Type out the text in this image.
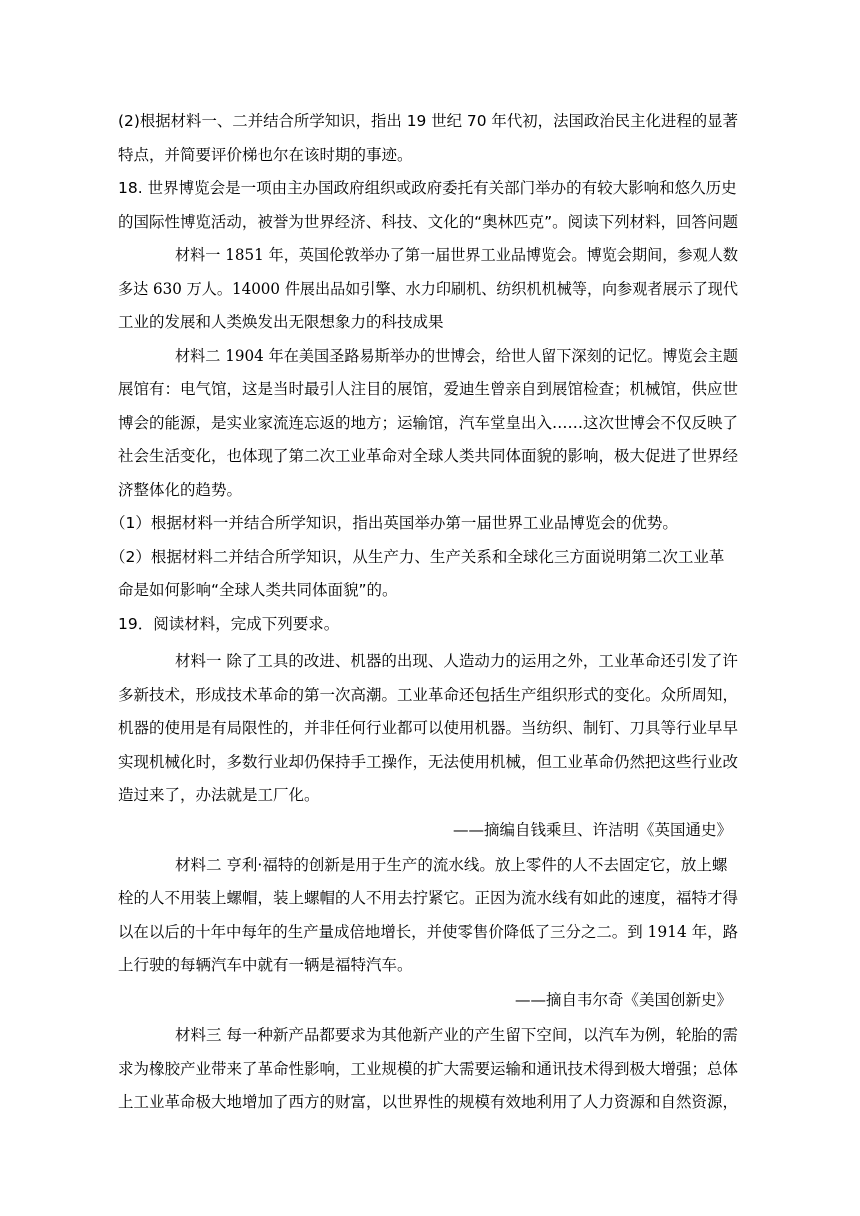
(2)根据材料一、二并结合所学知识，指出 19 世纪 70 年代初，法国政治民主化进程的显著
特点，并简要评价梯也尔在该时期的事迹。
18. 世界博览会是一项由主办国政府组织或政府委托有关部门举办的有较大影响和悠久历史
的国际性博览活动，被誉为世界经济、科技、文化的“奥林匹克”。阅读下列材料，回答问题
材料一 1851 年，英国伦敦举办了第一届世界工业品博览会。博览会期间，参观人数
多达 630 万人。14000 件展出品如引擎、水力印刷机、纺织机机械等，向参观者展示了现代
工业的发展和人类焕发出无限想象力的科技成果
材料二 1904 年在美国圣路易斯举办的世博会，给世人留下深刻的记忆。博览会主题
展馆有：电气馆，这是当时最引人注目的展馆，爱迪生曾亲自到展馆检查；机械馆，供应世
博会的能源，是实业家流连忘返的地方；运输馆，汽车堂皇出入……这次世博会不仅反映了
社会生活变化，也体现了第二次工业革命对全球人类共同体面貌的影响，极大促进了世界经
济整体化的趋势。
（1）根据材料一并结合所学知识，指出英国举办第一届世界工业品博览会的优势。
（2）根据材料二并结合所学知识，从生产力、生产关系和全球化三方面说明第二次工业革
命是如何影响“全球人类共同体面貌”的。
19．阅读材料，完成下列要求。
材料一 除了工具的改进、机器的出现、人造动力的运用之外，工业革命还引发了许
多新技术，形成技术革命的第一次高潮。工业革命还包括生产组织形式的变化。众所周知，
机器的使用是有局限性的，并非任何行业都可以使用机器。当纺织、制钉、刀具等行业早早
实现机械化时，多数行业却仍保持手工操作，无法使用机械，但工业革命仍然把这些行业改
造过来了，办法就是工厂化。
——摘编自钱乘旦、许洁明《英国通史》
材料二 亨利·福特的创新是用于生产的流水线。放上零件的人不去固定它，放上螺
栓的人不用装上螺帽，装上螺帽的人不用去拧紧它。正因为流水线有如此的速度，福特才得
以在以后的十年中每年的生产量成倍地增长，并使零售价降低了三分之二。到 1914 年，路
上行驶的每辆汽车中就有一辆是福特汽车。
——摘自韦尔奇《美国创新史》
材料三 每一种新产品都要求为其他新产业的产生留下空间，以汽车为例，轮胎的需
求为橡胶产业带来了革命性影响，工业规模的扩大需要运输和通讯技术得到极大增强；总体
上工业革命极大地增加了西方的财富，以世界性的规模有效地利用了人力资源和自然资源，
